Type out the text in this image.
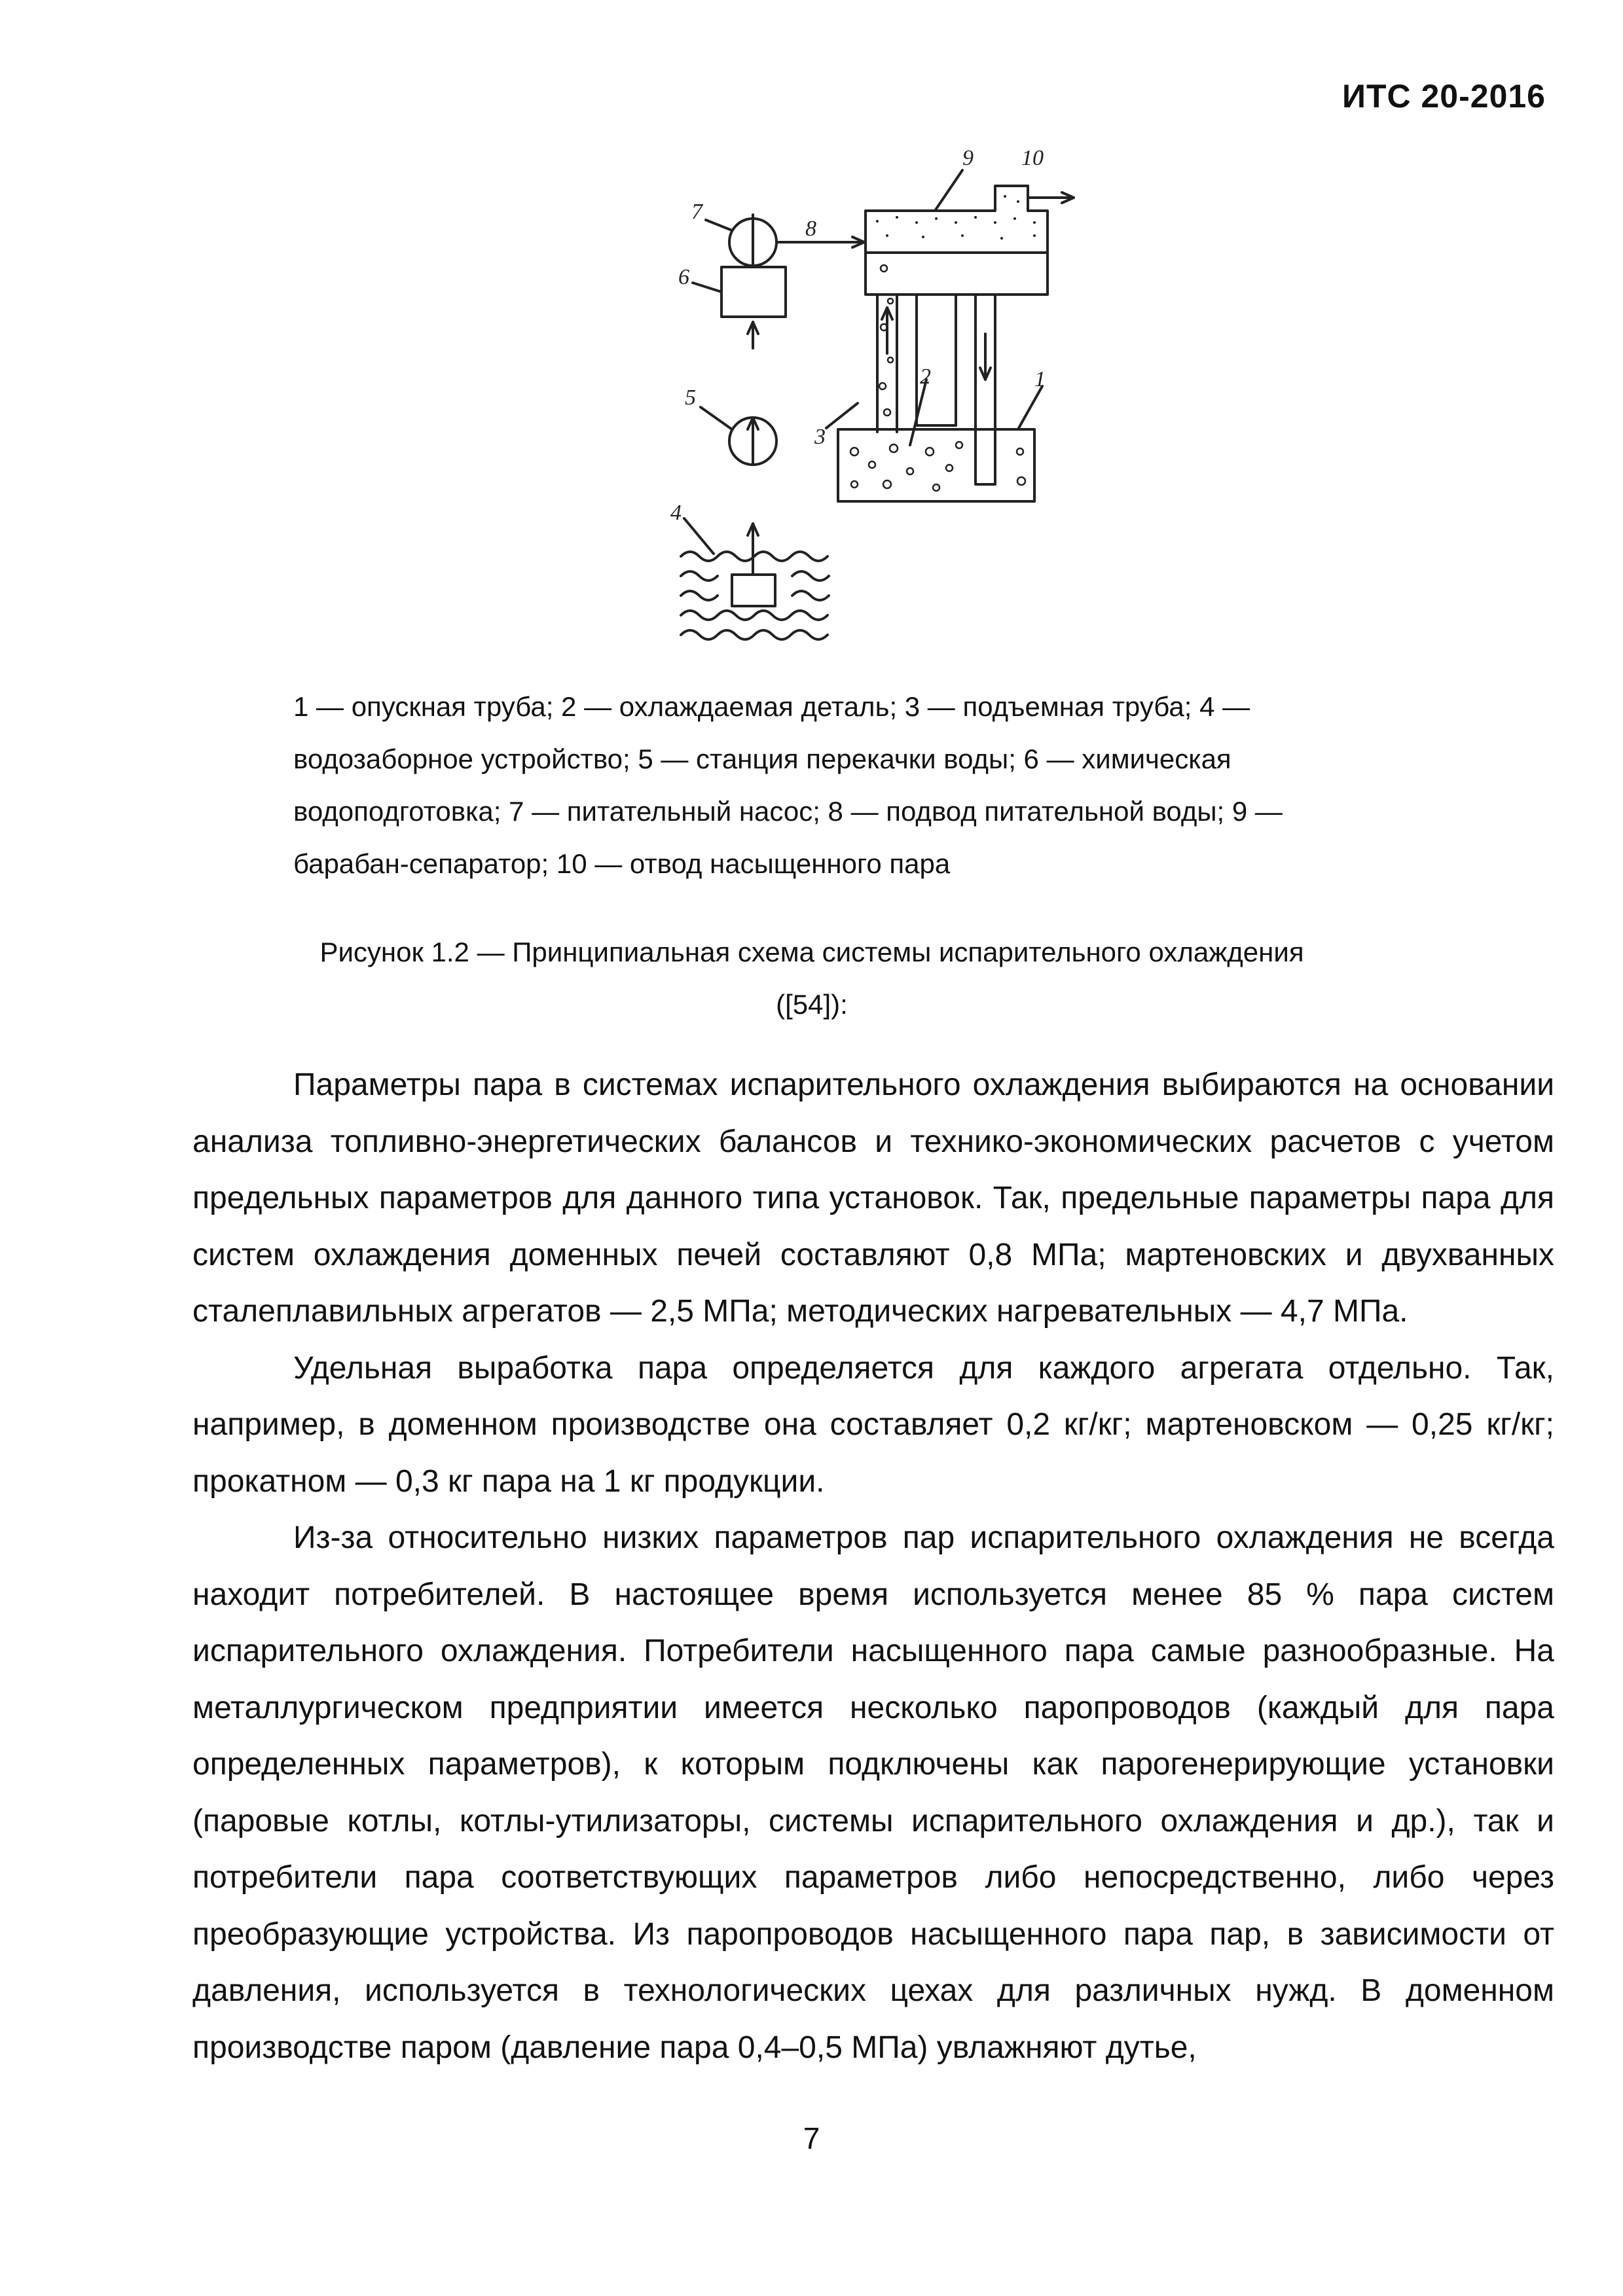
ИТС 20-2016
9 10
7
8
6
5
2	1
3
4

1 — опускная труба; 2 — охлаждаемая деталь; 3 — подъемная труба; 4 —

водозаборное устройство; 5 — станция перекачки воды; 6 — химическая

водоподготовка; 7 — питательный насос; 8 — подвод питательной воды; 9 —

барабан-сепаратор; 10 — отвод насыщенного пара

Рисунок 1.2 — Принципиальная схема системы испарительного охлаждения

([54]):

Параметры пара в системах испарительного охлаждения выбираются на основании анализа топливно-энергетических балансов и технико-экономических расчетов с учетом предельных параметров для данного типа установок. Так, предельные параметры пара для систем охлаждения доменных печей составляют 0,8 МПа; мартеновских и двухванных сталеплавильных агрегатов — 2,5 МПа; методических нагревательных — 4,7 МПа.

Удельная выработка пара определяется для каждого агрегата отдельно. Так, например, в доменном производстве она составляет 0,2 кг/кг; мартеновском — 0,25 кг/кг; прокатном — 0,3 кг пара на 1 кг продукции.

Из-за относительно низких параметров пар испарительного охлаждения не всегда находит потребителей. В настоящее время используется менее 85 % пара систем испарительного охлаждения. Потребители насыщенного пара самые разнообразные. На металлургическом предприятии имеется несколько паропроводов (каждый для пара определенных параметров), к которым подключены как парогенерирующие установки (паровые котлы, котлы-утилизаторы, системы испарительного охлаждения и др.), так и потребители пара соответствующих параметров либо непосредственно, либо через преобразующие устройства. Из паропроводов насыщенного пара пар, в зависимости от давления, используется в технологических цехах для различных нужд. В доменном производстве паром (давление пара 0,4–0,5 МПа) увлажняют дутье,

7
